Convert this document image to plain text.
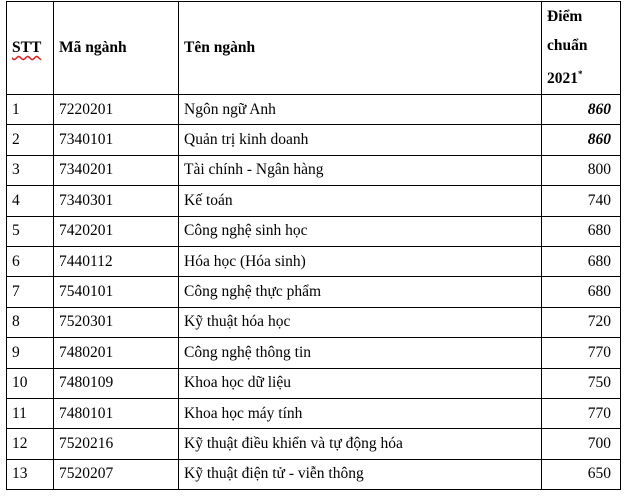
STT	Mã ngành	Tên ngành	Điểm
chuẩn
2021*

1	7220201	Ngôn ngữ Anh	860
2	7340101	Quản trị kinh doanh	860
3	7340201	Tài chính - Ngân hàng	800
4	7340301	Kế toán	740
5	7420201	Công nghệ sinh học	680
6	7440112	Hóa học (Hóa sinh)	680
7	7540101	Công nghệ thực phẩm	680
8	7520301	Kỹ thuật hóa học	720
9	7480201	Công nghệ thông tin	770
10	7480109	Khoa học dữ liệu	750
11	7480101	Khoa học máy tính	770
12	7520216	Kỹ thuật điều khiển và tự động hóa	700
13	7520207	Kỹ thuật điện tử - viễn thông	650
